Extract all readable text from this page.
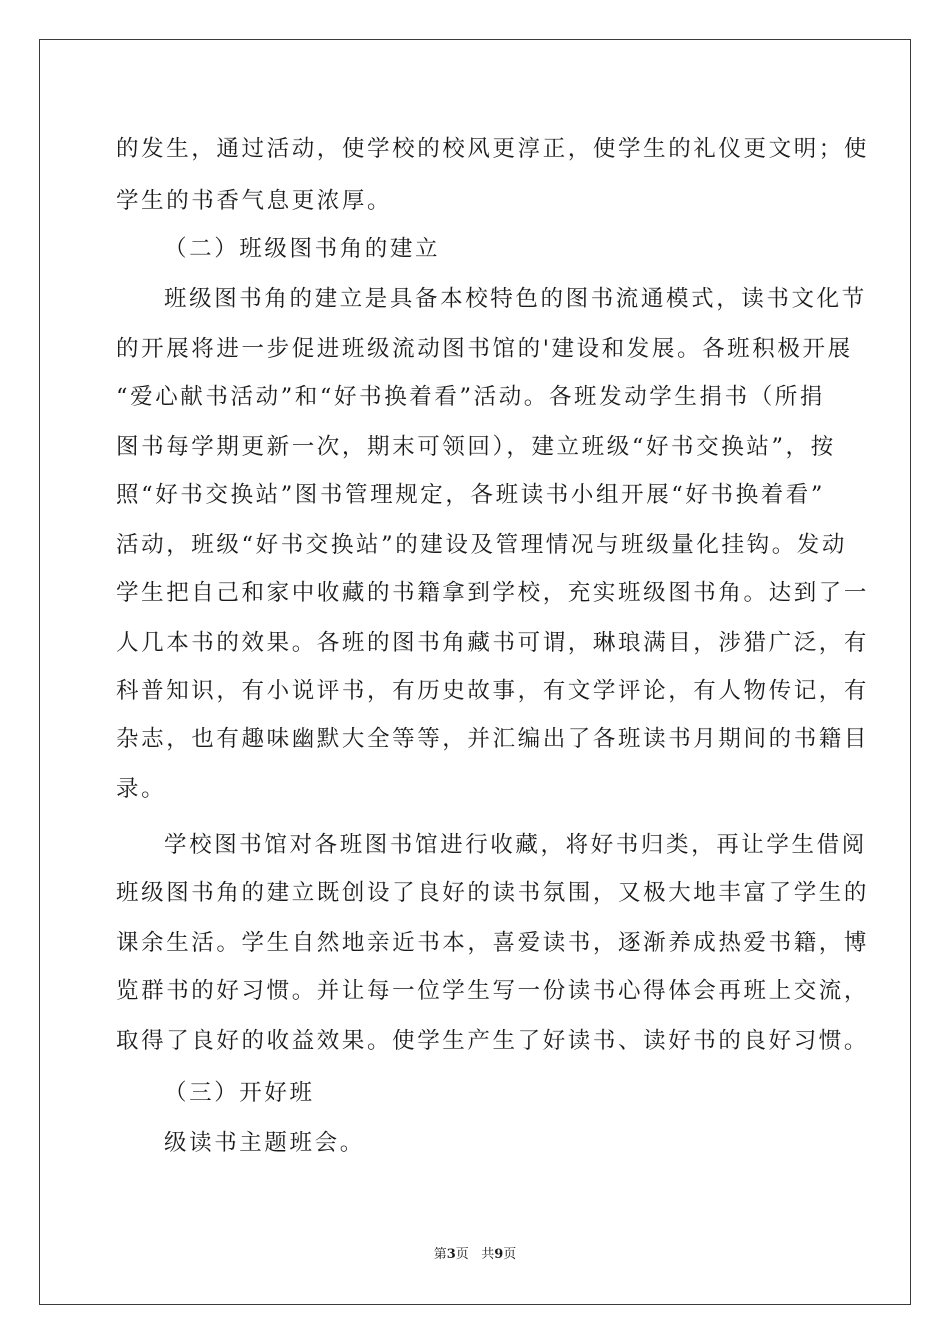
的发生，通过活动，使学校的校风更淳正，使学生的礼仪更文明；使
学生的书香气息更浓厚。
（二）班级图书角的建立
班级图书角的建立是具备本校特色的图书流通模式，读书文化节
的开展将进一步促进班级流动图书馆的'建设和发展。各班积极开展
“爱心献书活动”和“好书换着看”活动。各班发动学生捐书（所捐
图书每学期更新一次，期末可领回），建立班级“好书交换站”，按
照“好书交换站”图书管理规定，各班读书小组开展“好书换着看”
活动，班级“好书交换站”的建设及管理情况与班级量化挂钩。发动
学生把自己和家中收藏的书籍拿到学校，充实班级图书角。达到了一
人几本书的效果。各班的图书角藏书可谓，琳琅满目，涉猎广泛，有
科普知识，有小说评书，有历史故事，有文学评论，有人物传记，有
杂志，也有趣味幽默大全等等，并汇编出了各班读书月期间的书籍目
录。
学校图书馆对各班图书馆进行收藏，将好书归类，再让学生借阅
班级图书角的建立既创设了良好的读书氛围，又极大地丰富了学生的
课余生活。学生自然地亲近书本，喜爱读书，逐渐养成热爱书籍，博
览群书的好习惯。并让每一位学生写一份读书心得体会再班上交流，
取得了良好的收益效果。使学生产生了好读书、读好书的良好习惯。
（三）开好班
级读书主题班会。
第3页 共9页
